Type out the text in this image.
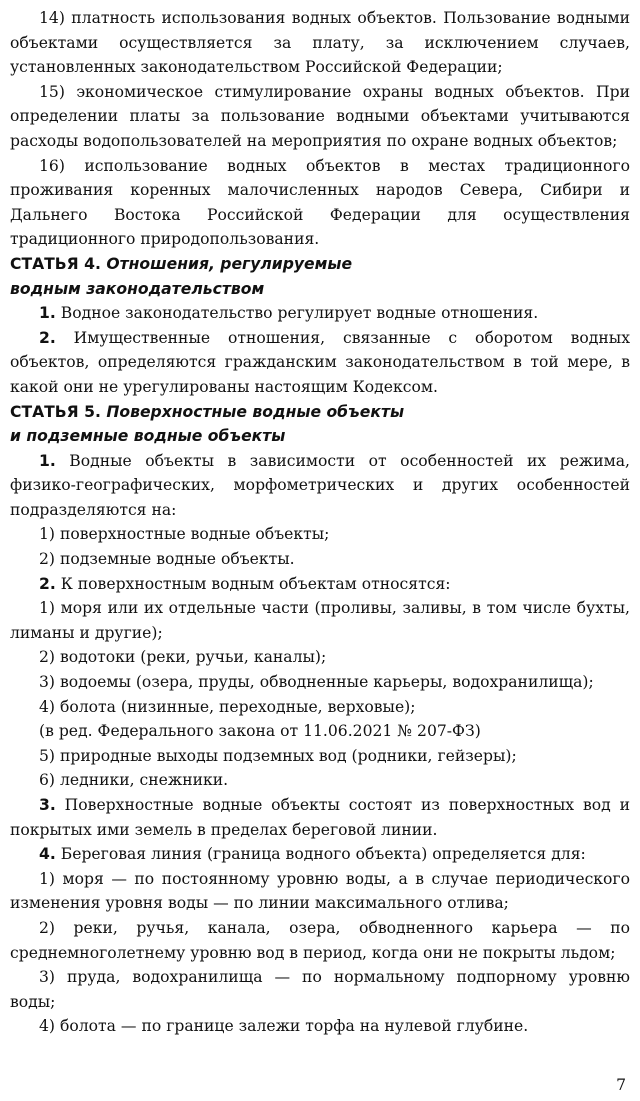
14) платность использования водных объектов. Пользование водными объектами осуществляется за плату, за исключением случаев, установленных законодательством Российской Федерации;

15) экономическое стимулирование охраны водных объектов. При определении платы за пользование водными объектами учитываются расходы водопользователей на мероприятия по охране водных объектов;

16) использование водных объектов в местах традиционного проживания коренных малочисленных народов Севера, Сибири и Дальнего Востока Российской Федерации для осуществления традиционного природопользования.

СТАТЬЯ 4. Отношения, регулируемые
водным законодательством

1. Водное законодательство регулирует водные отношения.

2. Имущественные отношения, связанные с оборотом водных объектов, определяются гражданским законодательством в той мере, в какой они не урегулированы настоящим Кодексом.

СТАТЬЯ 5. Поверхностные водные объекты
и подземные водные объекты

1. Водные объекты в зависимости от особенностей их режима, физико-географических, морфометрических и других особенностей подразделяются на:

1) поверхностные водные объекты;

2) подземные водные объекты.

2. К поверхностным водным объектам относятся:

1) моря или их отдельные части (проливы, заливы, в том числе бухты, лиманы и другие);

2) водотоки (реки, ручьи, каналы);

3) водоемы (озера, пруды, обводненные карьеры, водохранилища);

4) болота (низинные, переходные, верховые);

(в ред. Федерального закона от 11.06.2021 № 207-ФЗ)

5) природные выходы подземных вод (родники, гейзеры);

6) ледники, снежники.

3. Поверхностные водные объекты состоят из поверхностных вод и покрытых ими земель в пределах береговой линии.

4. Береговая линия (граница водного объекта) определяется для:

1) моря — по постоянному уровню воды, а в случае периодического изменения уровня воды — по линии максимального отлива;

2) реки, ручья, канала, озера, обводненного карьера — по среднемноголетнему уровню вод в период, когда они не покрыты льдом;

3) пруда, водохранилища — по нормальному подпорному уровню воды;

4) болота — по границе залежи торфа на нулевой глубине.

7
